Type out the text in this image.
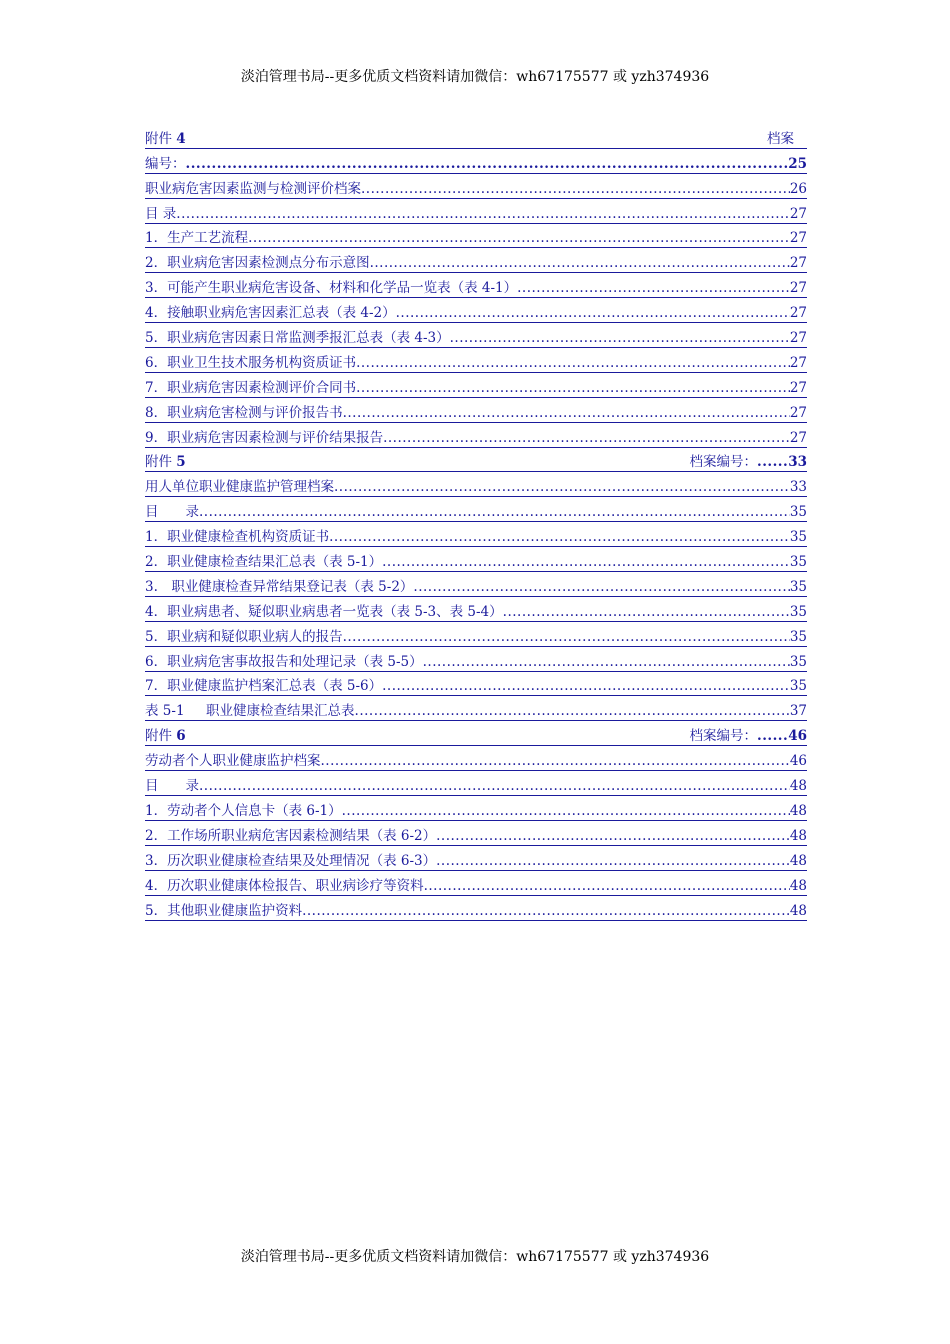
淡泊管理书局--更多优质文档资料请加微信：wh67175577 或 yzh374936
附件 4	档案
编号： .....	25
职业病危害因素监测与检测评价档案 .....	26
目 录 .....	27
1．生产工艺流程 .....	27
2．职业病危害因素检测点分布示意图 .....	27
3．可能产生职业病危害设备、材料和化学品一览表（表 4-1） .....	27
4．接触职业病危害因素汇总表（表 4-2） .....	27
5．职业病危害因素日常监测季报汇总表（表 4-3） .....	27
6．职业卫生技术服务机构资质证书 .....	27
7．职业病危害因素检测评价合同书 .....	27
8．职业病危害检测与评价报告书 .....	27
9．职业病危害因素检测与评价结果报告 .....	27
附件 5	档案编号： ...... 33
用人单位职业健康监护管理档案 .....	33
目　　录 .....	35
1．职业健康检查机构资质证书 .....	35
2．职业健康检查结果汇总表（表 5-1） .....	35
3.　职业健康检查异常结果登记表（表 5-2） .....	35
4．职业病患者、疑似职业病患者一览表（表 5-3、表 5-4） .....	35
5．职业病和疑似职业病人的报告 .....	35
6．职业病危害事故报告和处理记录（表 5-5） .....	35
7．职业健康监护档案汇总表（表 5-6） .....	35
表 5-1 职业健康检查结果汇总表 .....	37
附件 6	档案编号： ...... 46
劳动者个人职业健康监护档案 .....	46
目　　录 .....	48
1．劳动者个人信息卡（表 6-1） .....	48
2．工作场所职业病危害因素检测结果（表 6-2） .....	48
3．历次职业健康检查结果及处理情况（表 6-3） .....	48
4．历次职业健康体检报告、职业病诊疗等资料 .....	48
5．其他职业健康监护资料 .....	48
淡泊管理书局--更多优质文档资料请加微信：wh67175577 或 yzh374936
